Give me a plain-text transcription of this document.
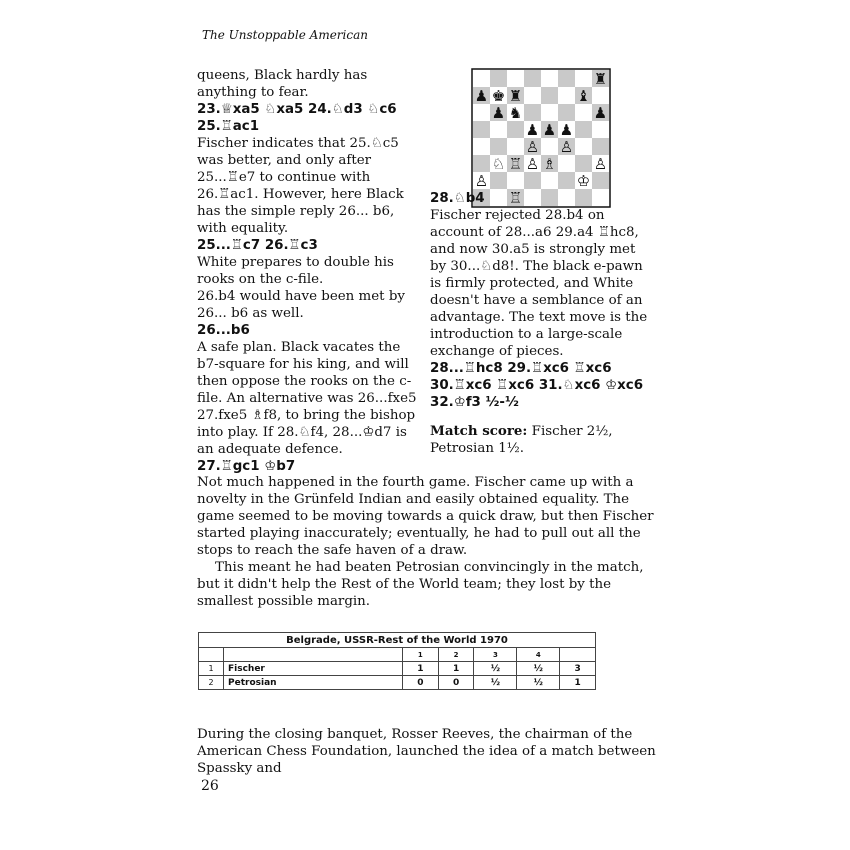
The Unstoppable American

queens, Black hardly has anything to fear.

23.♕xa5 ♘xa5 24.♘d3 ♘c6

25.♖ac1

Fischer indicates that 25.♘c5 was better, and only after 25...♖e7 to continue with 26.♖ac1. However, here Black has the simple reply 26... b6, with equality.

25...♖c7 26.♖c3

White prepares to double his rooks on the c-file.

26.b4 would have been met by 26... b6 as well.

26...b6

A safe plan. Black vacates the b7-square for his king, and will then oppose the rooks on the c-file. An alternative was 26...fxe5 27.fxe5 ♗f8, to bring the bishop into play. If 28.♘f4, 28...♔d7 is an adequate defence.

27.♖gc1 ♔b7

♜
♟ ♚ ♜	♝
♟ ♞	♟
♟ ♟ ♟
♙ ♙
♘ ♖ ♙ ♗	♙
♙	♔
♖

28.♘b4

Fischer rejected 28.b4 on account of 28...a6 29.a4 ♖hc8, and now 30.a5 is strongly met by 30...♘d8!. The black e-pawn is firmly protected, and White doesn't have a semblance of an advantage. The text move is the introduction to a large-scale exchange of pieces.

28...♖hc8 29.♖xc6 ♖xc6 30.♖xc6 ♖xc6 31.♘xc6 ♔xc6 32.♔f3 ½-½

Match score: Fischer 2½, Petrosian 1½.

Not much happened in the fourth game. Fischer came up with a novelty in the Grünfeld Indian and easily obtained equality. The game seemed to be moving towards a quick draw, but then Fischer started playing inaccurately; eventually, he had to pull out all the stops to reach the safe haven of a draw.

This meant he had beaten Petrosian convincingly in the match, but it didn't help the Rest of the World team; they lost by the smallest possible margin.

Belgrade, USSR-Rest of the World 1970						
		1	2	3	4	
1	Fischer	1	1	½	½	3
2	Petrosian	0	0	½	½	1

During the closing banquet, Rosser Reeves, the chairman of the American Chess Foundation, launched the idea of a match between Spassky and

26
